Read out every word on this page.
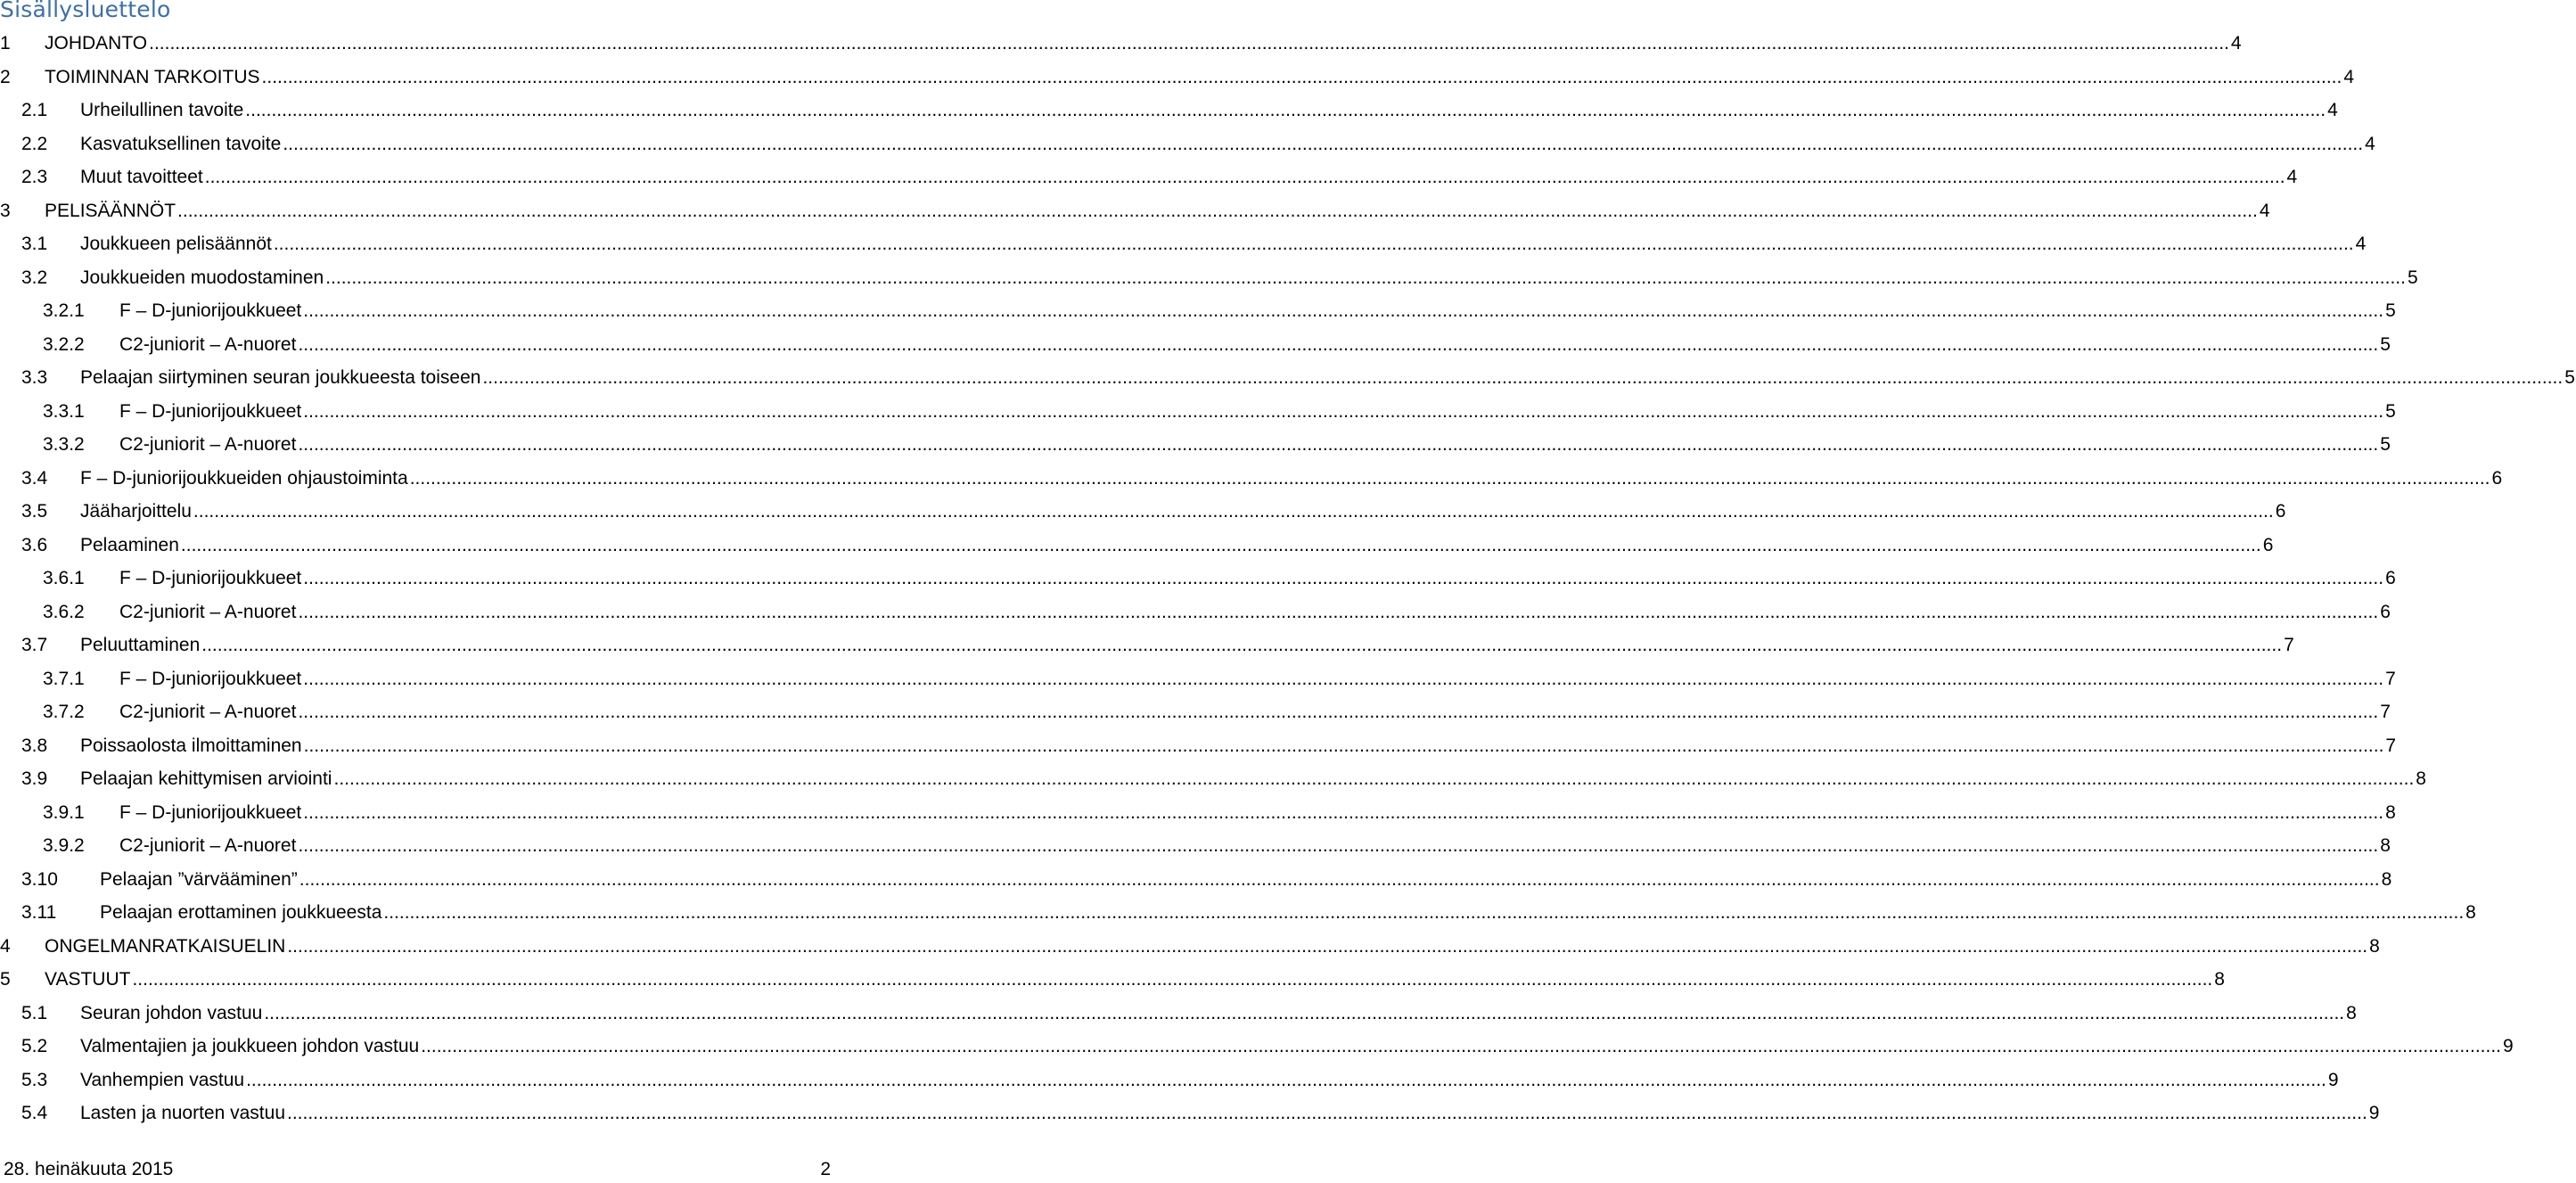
Sisällysluettelo
1	JOHDANTO ................................................................................................................................................................................................................................................................................................................................................................................................................ 4
2	TOIMINNAN TARKOITUS ................................................................................................................................................................................................................................................................................................................................................................................................................ 4
2.1	Urheilullinen tavoite ................................................................................................................................................................................................................................................................................................................................................................................................................ 4
2.2	Kasvatuksellinen tavoite ................................................................................................................................................................................................................................................................................................................................................................................................................ 4
2.3	Muut tavoitteet ................................................................................................................................................................................................................................................................................................................................................................................................................ 4
3	PELISÄÄNNÖT ................................................................................................................................................................................................................................................................................................................................................................................................................ 4
3.1	Joukkueen pelisäännöt ................................................................................................................................................................................................................................................................................................................................................................................................................ 4
3.2	Joukkueiden muodostaminen ................................................................................................................................................................................................................................................................................................................................................................................................................ 5
3.2.1	F – D-juniorijoukkueet ................................................................................................................................................................................................................................................................................................................................................................................................................ 5
3.2.2	C2-juniorit – A-nuoret ................................................................................................................................................................................................................................................................................................................................................................................................................ 5
3.3	Pelaajan siirtyminen seuran joukkueesta toiseen ................................................................................................................................................................................................................................................................................................................................................................................................................ 5
3.3.1	F – D-juniorijoukkueet ................................................................................................................................................................................................................................................................................................................................................................................................................ 5
3.3.2	C2-juniorit – A-nuoret ................................................................................................................................................................................................................................................................................................................................................................................................................ 5
3.4	F – D-juniorijoukkueiden ohjaustoiminta ................................................................................................................................................................................................................................................................................................................................................................................................................ 6
3.5	Jääharjoittelu ................................................................................................................................................................................................................................................................................................................................................................................................................ 6
3.6	Pelaaminen ................................................................................................................................................................................................................................................................................................................................................................................................................ 6
3.6.1	F – D-juniorijoukkueet ................................................................................................................................................................................................................................................................................................................................................................................................................ 6
3.6.2	C2-juniorit – A-nuoret ................................................................................................................................................................................................................................................................................................................................................................................................................ 6
3.7	Peluuttaminen ................................................................................................................................................................................................................................................................................................................................................................................................................ 7
3.7.1	F – D-juniorijoukkueet ................................................................................................................................................................................................................................................................................................................................................................................................................ 7
3.7.2	C2-juniorit – A-nuoret ................................................................................................................................................................................................................................................................................................................................................................................................................ 7
3.8	Poissaolosta ilmoittaminen ................................................................................................................................................................................................................................................................................................................................................................................................................ 7
3.9	Pelaajan kehittymisen arviointi ................................................................................................................................................................................................................................................................................................................................................................................................................ 8
3.9.1	F – D-juniorijoukkueet ................................................................................................................................................................................................................................................................................................................................................................................................................ 8
3.9.2	C2-juniorit – A-nuoret ................................................................................................................................................................................................................................................................................................................................................................................................................ 8
3.10	Pelaajan ”värvääminen” ................................................................................................................................................................................................................................................................................................................................................................................................................ 8
3.11	Pelaajan erottaminen joukkueesta ................................................................................................................................................................................................................................................................................................................................................................................................................ 8
4	ONGELMANRATKAISUELIN ................................................................................................................................................................................................................................................................................................................................................................................................................ 8
5	VASTUUT ................................................................................................................................................................................................................................................................................................................................................................................................................ 8
5.1	Seuran johdon vastuu ................................................................................................................................................................................................................................................................................................................................................................................................................ 8
5.2	Valmentajien ja joukkueen johdon vastuu ................................................................................................................................................................................................................................................................................................................................................................................................................ 9
5.3	Vanhempien vastuu ................................................................................................................................................................................................................................................................................................................................................................................................................ 9
5.4	Lasten ja nuorten vastuu ................................................................................................................................................................................................................................................................................................................................................................................................................ 9
28. heinäkuuta 2015	2
